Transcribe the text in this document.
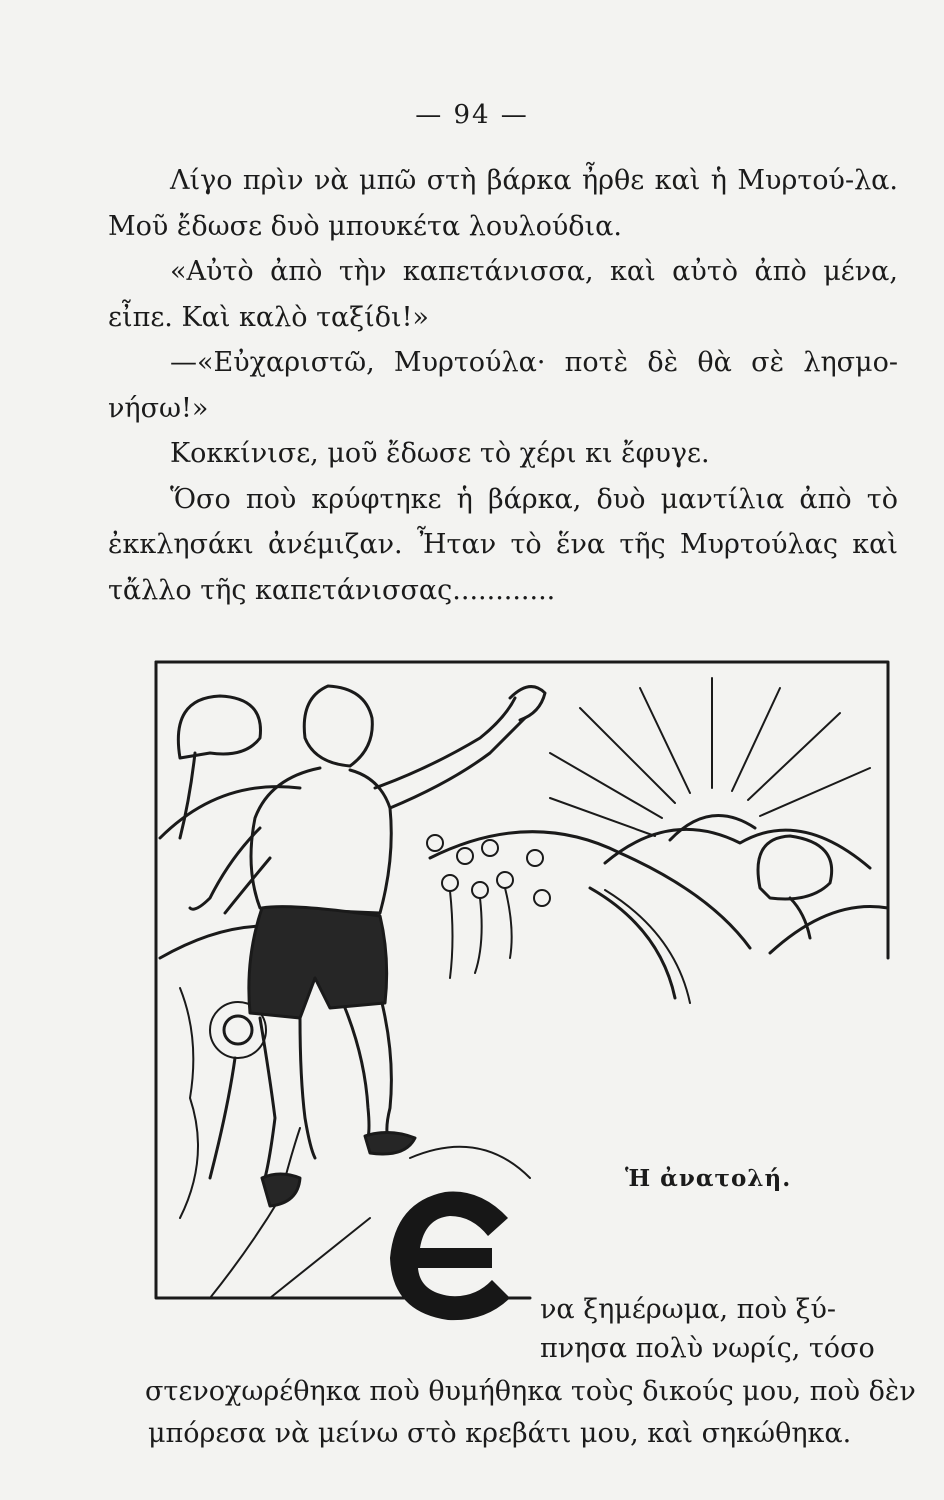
— 94 —

Λίγο πρὶν νὰ μπῶ στὴ βάρκα ἦρθε καὶ ἡ Μυρτού-λα. Μοῦ ἔδωσε δυὸ μπουκέτα λουλούδια.

«Αὐτὸ ἀπὸ τὴν καπετάνισσα, καὶ αὐτὸ ἀπὸ μένα, εἶπε. Καὶ καλὸ ταξίδι!»

—«Εὐχαριστῶ, Μυρτούλα· ποτὲ δὲ θὰ σὲ λησμο-νήσω!»

Κοκκίνισε, μοῦ ἔδωσε τὸ χέρι κι ἔφυγε.

Ὅσο ποὺ κρύφτηκε ἡ βάρκα, δυὸ μαντίλια ἀπὸ τὸ ἐκκλησάκι ἀνέμιζαν. Ἦταν τὸ ἕνα τῆς Μυρτούλας καὶ τἄλλο τῆς καπετάνισσας............

Ἡ ἀνατολή.
να ξημέρωμα, ποὺ ξύ-
πνησα πολὺ νωρίς, τόσο
στενοχωρέθηκα ποὺ θυμήθηκα τοὺς δικούς μου, ποὺ δὲν
μπόρεσα νὰ μείνω στὸ κρεβάτι μου, καὶ σηκώθηκα.
